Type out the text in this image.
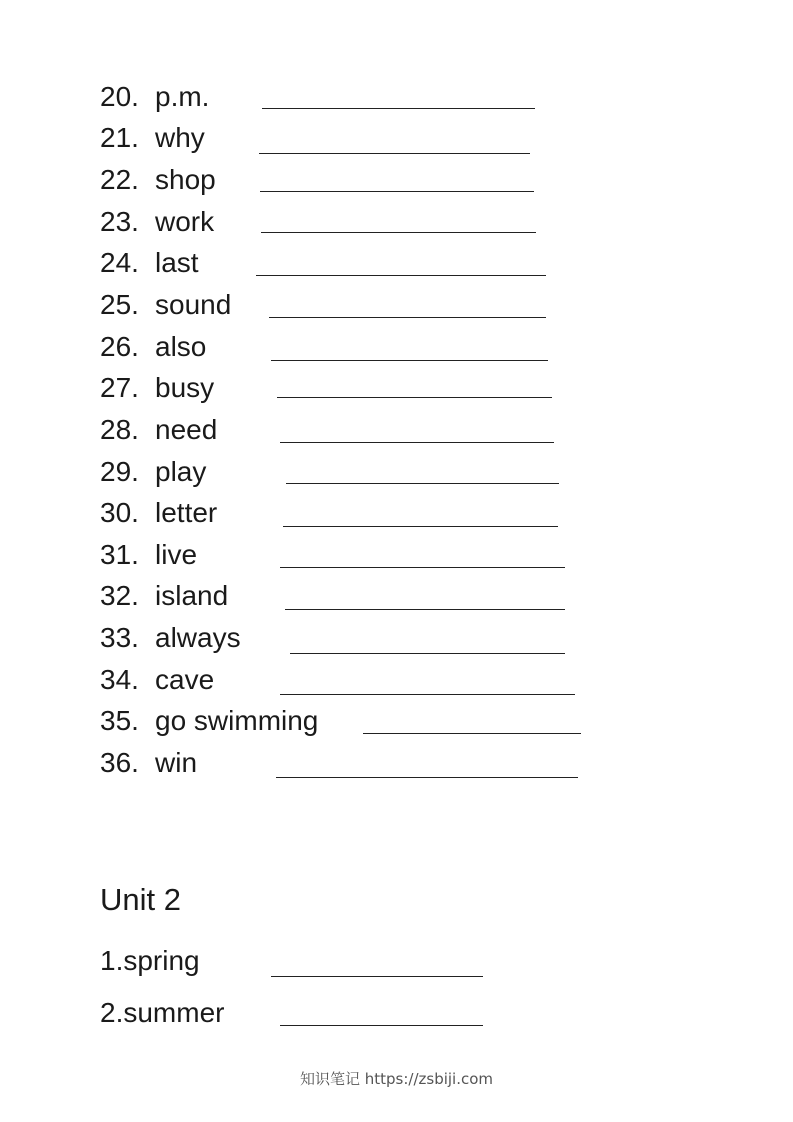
20. p.m.
21. why
22. shop
23. work
24. last
25. sound
26. also
27. busy
28. need
29. play
30. letter
31. live
32. island
33. always
34. cave
35. go swimming
36. win
Unit 2
1.spring
2.summer
知识笔记 https://zsbiji.com
